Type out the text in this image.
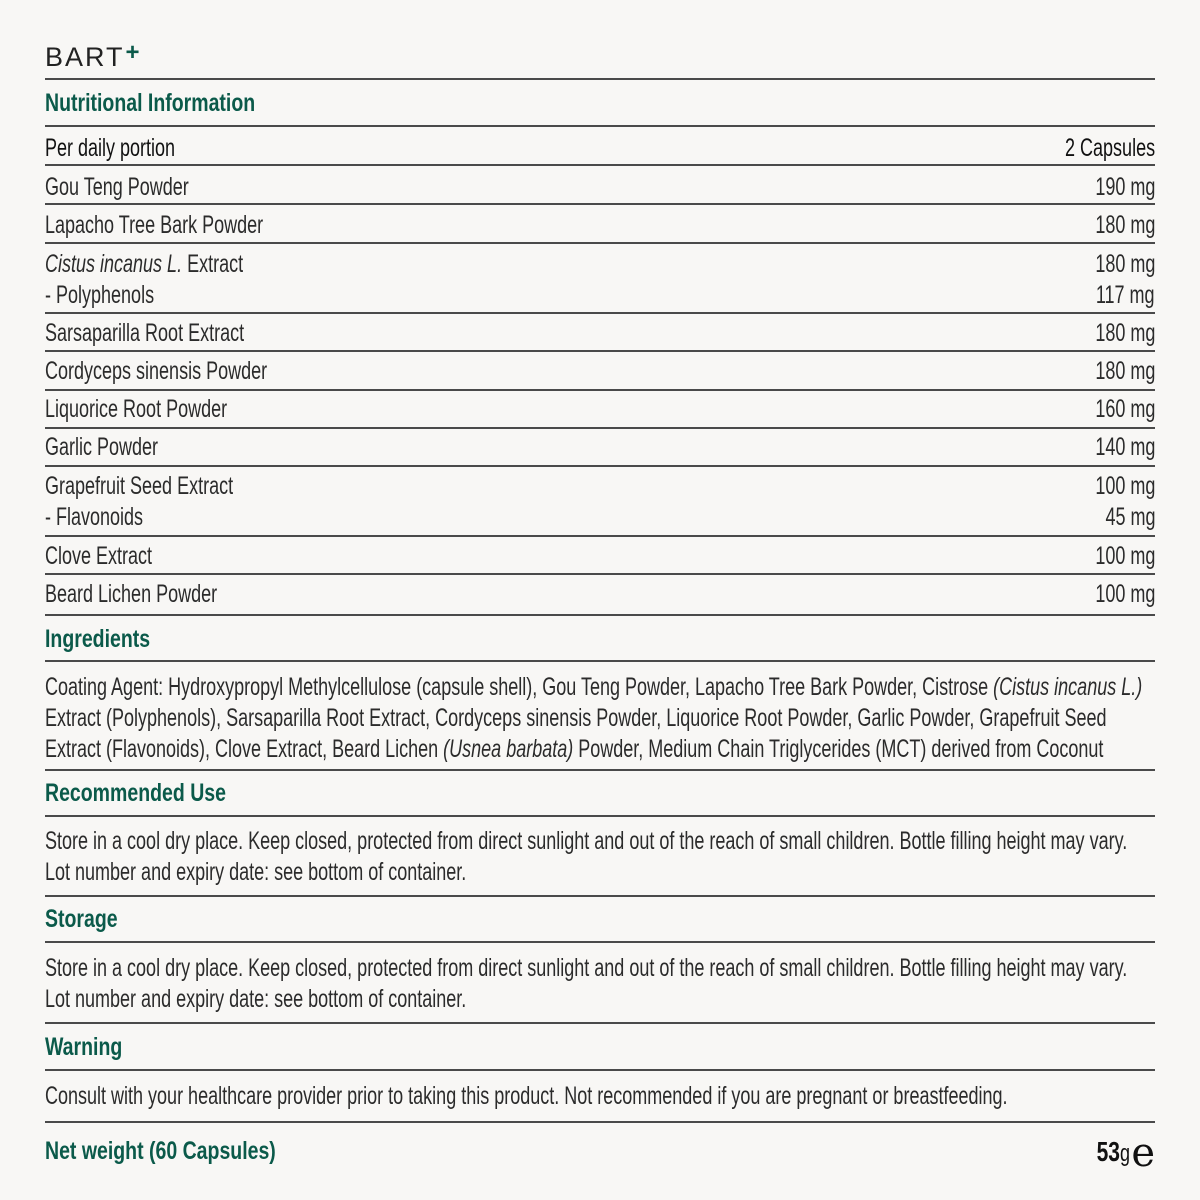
BART+
Nutritional Information
Per daily portion	2 Capsules
Gou Teng Powder	190 mg
Lapacho Tree Bark Powder	180 mg
Cistus incanus L. Extract	180 mg
- Polyphenols	117 mg
Sarsaparilla Root Extract	180 mg
Cordyceps sinensis Powder	180 mg
Liquorice Root Powder	160 mg
Garlic Powder	140 mg
Grapefruit Seed Extract	100 mg
- Flavonoids	45 mg
Clove Extract	100 mg
Beard Lichen Powder	100 mg
Ingredients
Coating Agent: Hydroxypropyl Methylcellulose (capsule shell), Gou Teng Powder, Lapacho Tree Bark Powder, Cistrose (Cistus incanus L.) Extract (Polyphenols), Sarsaparilla Root Extract, Cordyceps sinensis Powder, Liquorice Root Powder, Garlic Powder, Grapefruit Seed Extract (Flavonoids), Clove Extract, Beard Lichen (Usnea barbata) Powder, Medium Chain Triglycerides (MCT) derived from Coconut
Recommended Use
Store in a cool dry place. Keep closed, protected from direct sunlight and out of the reach of small children. Bottle filling height may vary. Lot number and expiry date: see bottom of container.
Storage
Store in a cool dry place. Keep closed, protected from direct sunlight and out of the reach of small children. Bottle filling height may vary. Lot number and expiry date: see bottom of container.
Warning
Consult with your healthcare provider prior to taking this product. Not recommended if you are pregnant or breastfeeding.
Net weight (60 Capsules)	53g e
